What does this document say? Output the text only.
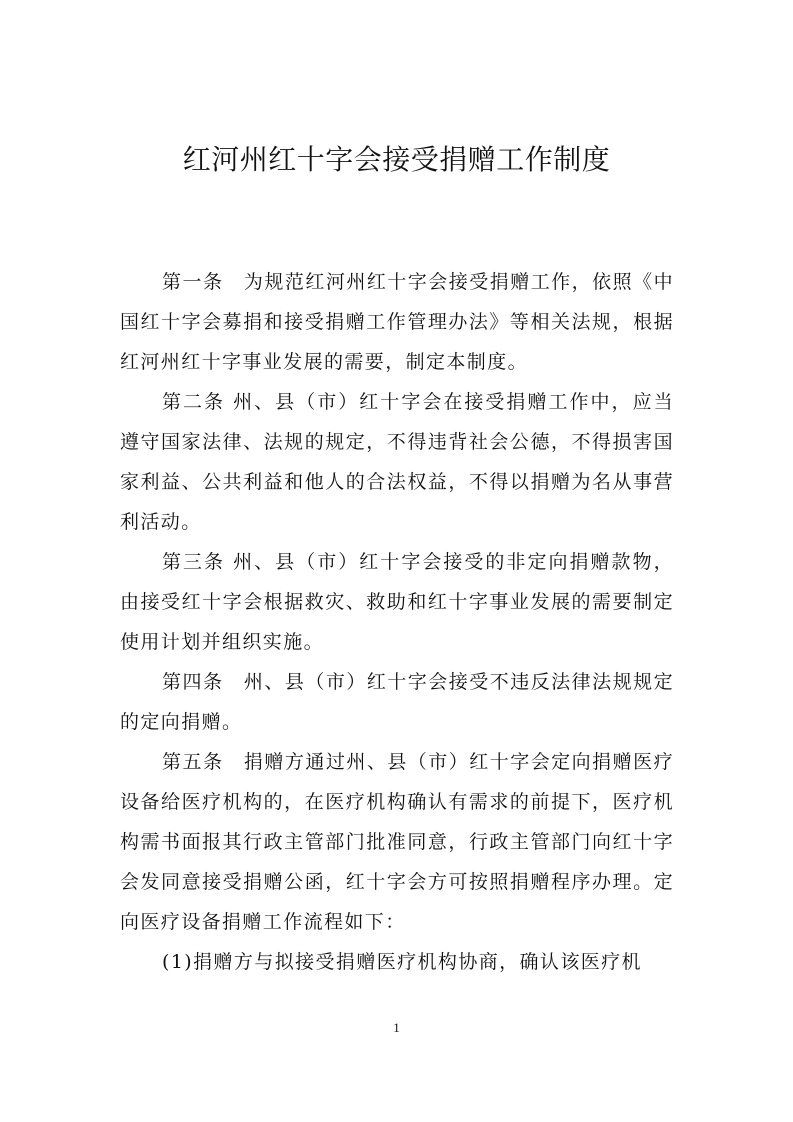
红河州红十字会接受捐赠工作制度

第一条　为规范红河州红十字会接受捐赠工作，依照《中国红十字会募捐和接受捐赠工作管理办法》等相关法规，根据红河州红十字事业发展的需要，制定本制度。

第二条 州、县（市）红十字会在接受捐赠工作中，应当遵守国家法律、法规的规定，不得违背社会公德，不得损害国家利益、公共利益和他人的合法权益，不得以捐赠为名从事营利活动。

第三条 州、县（市）红十字会接受的非定向捐赠款物，由接受红十字会根据救灾、救助和红十字事业发展的需要制定使用计划并组织实施。

第四条　州、县（市）红十字会接受不违反法律法规规定的定向捐赠。

第五条　捐赠方通过州、县（市）红十字会定向捐赠医疗设备给医疗机构的，在医疗机构确认有需求的前提下，医疗机构需书面报其行政主管部门批准同意，行政主管部门向红十字会发同意接受捐赠公函，红十字会方可按照捐赠程序办理。定向医疗设备捐赠工作流程如下：

(1)捐赠方与拟接受捐赠医疗机构协商，确认该医疗机

1
